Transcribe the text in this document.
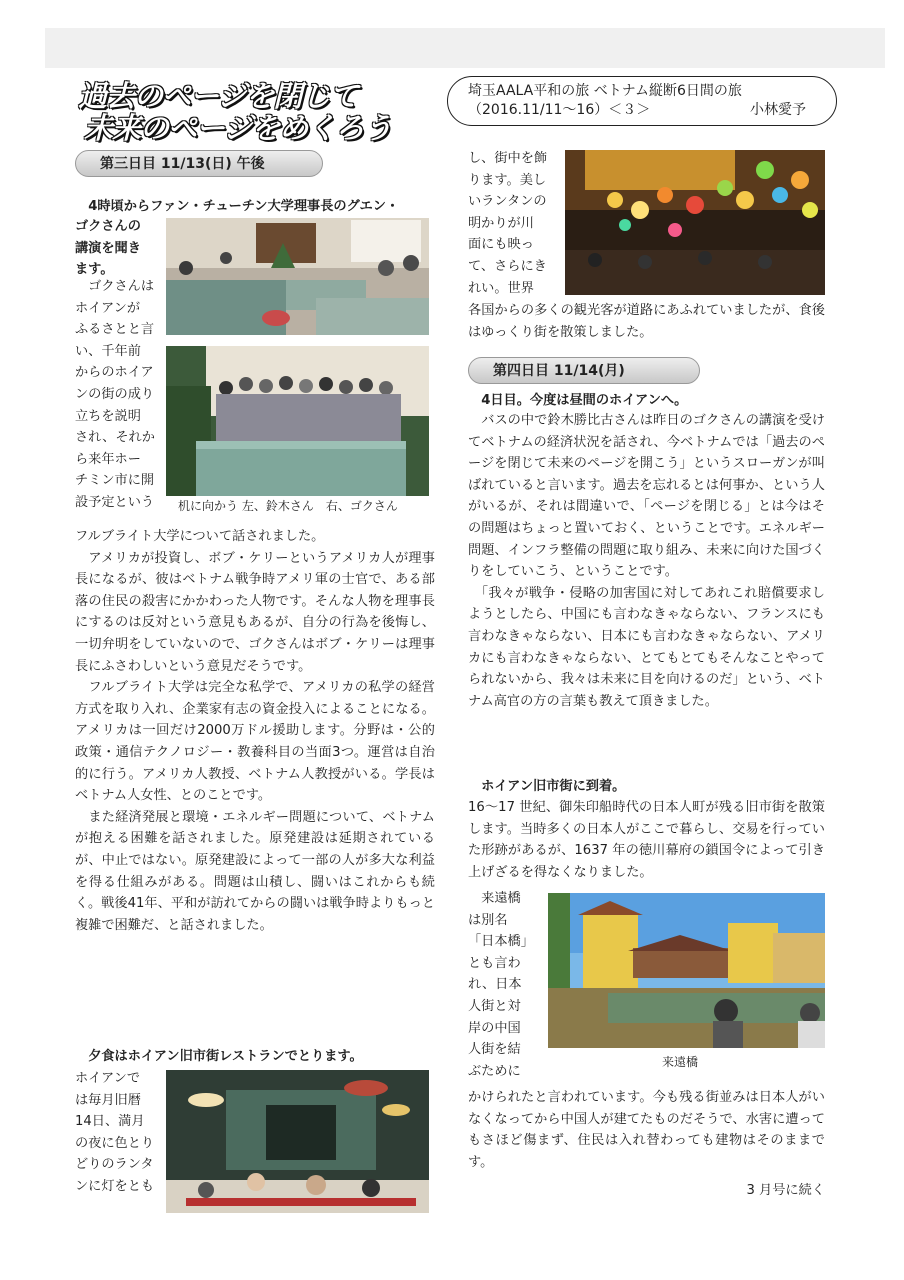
過去のページを閉じて
未来のページをめくろう
埼玉AALA平和の旅 ベトナム縦断6日間の旅
（2016.11/11～16）＜３＞	小林愛予
第三日目 11/13(日) 午後
4時頃からファン・チューチン大学理事長のグエン・
ゴクさんの
講演を聞き
ます。
　ゴクさんは
ホイアンが
ふるさとと言
い、千年前
からのホイア
ンの街の成り
立ちを説明
され、それか
ら来年ホー
チミン市に開
設予定という	机に向かう 左、鈴木さん　右、ゴクさん

フルブライト大学について話されました。

　アメリカが投資し、ボブ・ケリーというアメリカ人が理事長になるが、彼はベトナム戦争時アメリ軍の士官で、ある部落の住民の殺害にかかわった人物です。そんな人物を理事長にするのは反対という意見もあるが、自分の行為を後悔し、一切弁明をしていないので、ゴクさんはボブ・ケリーは理事長にふさわしいという意見だそうです。

　フルブライト大学は完全な私学で、アメリカの私学の経営方式を取り入れ、企業家有志の資金投入によることになる。アメリカは一回だけ2000万ドル援助します。分野は・公的政策・通信テクノロジー・教養科目の当面3つ。運営は自治的に行う。アメリカ人教授、ベトナム人教授がいる。学長はベトナム人女性、とのことです。

　また経済発展と環境・エネルギー問題について、ベトナムが抱える困難を話されました。原発建設は延期されているが、中止ではない。原発建設によって一部の人が多大な利益を得る仕組みがある。問題は山積し、闘いはこれからも続く。戦後41年、平和が訪れてからの闘いは戦争時よりもっと複雑で困難だ、と話されました。

夕食はホイアン旧市街レストランでとります。
ホイアンで
は毎月旧暦
14日、満月
の夜に色とり
どりのランタ
ンに灯をとも
し、街中を飾
ります。美し
いランタンの
明かりが川
面にも映っ
て、さらにき
れい。世界
各国からの多くの観光客が道路にあふれていましたが、食後はゆっくり街を散策しました。
第四日目 11/14(月)
4日目。今度は昼間のホイアンへ。

　バスの中で鈴木勝比古さんは昨日のゴクさんの講演を受けてベトナムの経済状況を話され、今ベトナムでは「過去のページを閉じて未来のページを開こう」というスローガンが叫ばれていると言います。過去を忘れるとは何事か、という人がいるが、それは間違いで、「ページを閉じる」とは今はその問題はちょっと置いておく、ということです。エネルギー問題、インフラ整備の問題に取り組み、未来に向けた国づくりをしていこう、ということです。

　「我々が戦争・侵略の加害国に対してあれこれ賠償要求しようとしたら、中国にも言わなきゃならない、フランスにも言わなきゃならない、日本にも言わなきゃならない、アメリカにも言わなきゃならない、とてもとてもそんなことやってられないから、我々は未来に目を向けるのだ」という、ベトナム高官の方の言葉も教えて頂きました。

　ホイアン旧市街に到着。
16～17 世紀、御朱印船時代の日本人町が残る旧市街を散策します。当時多くの日本人がここで暮らし、交易を行っていた形跡があるが、1637 年の徳川幕府の鎖国令によって引き上げざるを得なくなりました。
　来遠橋
は別名
「日本橋」
とも言わ
れ、日本
人街と対
岸の中国
人街を結
ぶために
来遠橋
かけられたと言われています。今も残る街並みは日本人がいなくなってから中国人が建てたものだそうで、水害に遭ってもさほど傷まず、住民は入れ替わっても建物はそのままです。
3 月号に続く
